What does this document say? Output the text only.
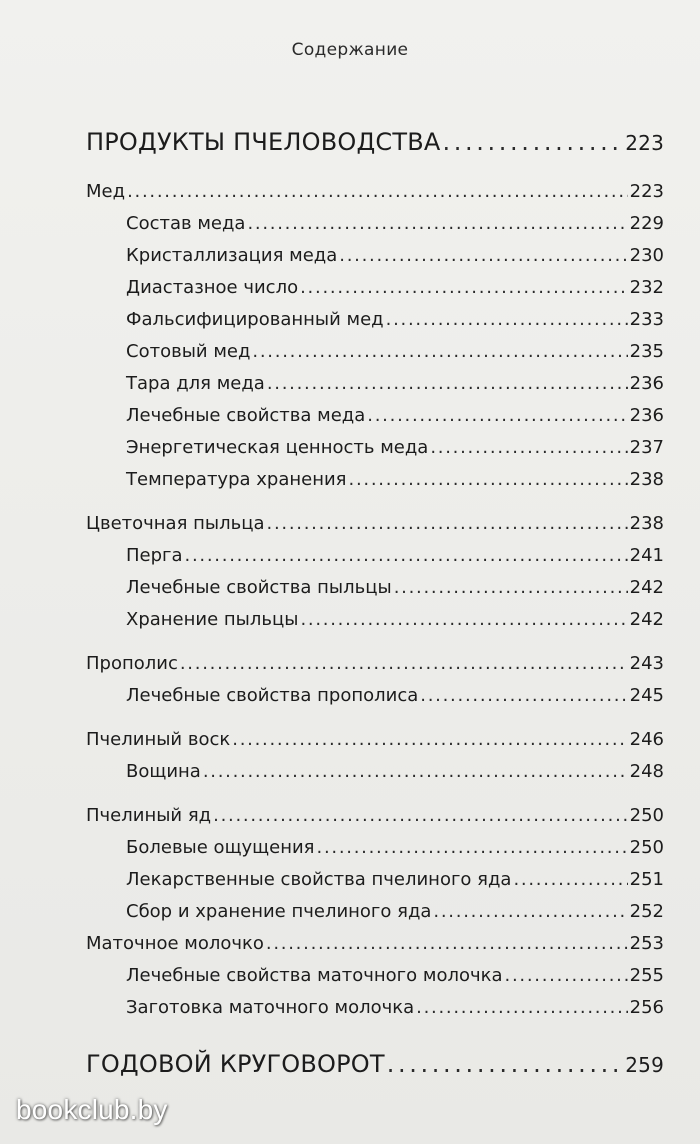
Содержание
ПРОДУКТЫ ПЧЕЛОВОДСТВА . . .	223
Мед . . .	223
Состав меда . . .	229
Кристаллизация меда . . .	230
Диастазное число . . .	232
Фальсифицированный мед . . .	233
Сотовый мед . . .	235
Тара для меда . . .	236
Лечебные свойства меда . . .	236
Энергетическая ценность меда . . .	237
Температура хранения . . .	238
Цветочная пыльца . . .	238
Перга . . .	241
Лечебные свойства пыльцы . . .	242
Хранение пыльцы . . .	242
Прополис . . .	243
Лечебные свойства прополиса . . .	245
Пчелиный воск . . .	246
Вощина . . .	248
Пчелиный яд . . .	250
Болевые ощущения . . .	250
Лекарственные свойства пчелиного яда . . .	251
Сбор и хранение пчелиного яда . . .	252
Маточное молочко . . .	253
Лечебные свойства маточного молочка . . .	255
Заготовка маточного молочка . . .	256
ГОДОВОЙ КРУГОВОРОТ . . .	259
bookclub.by
